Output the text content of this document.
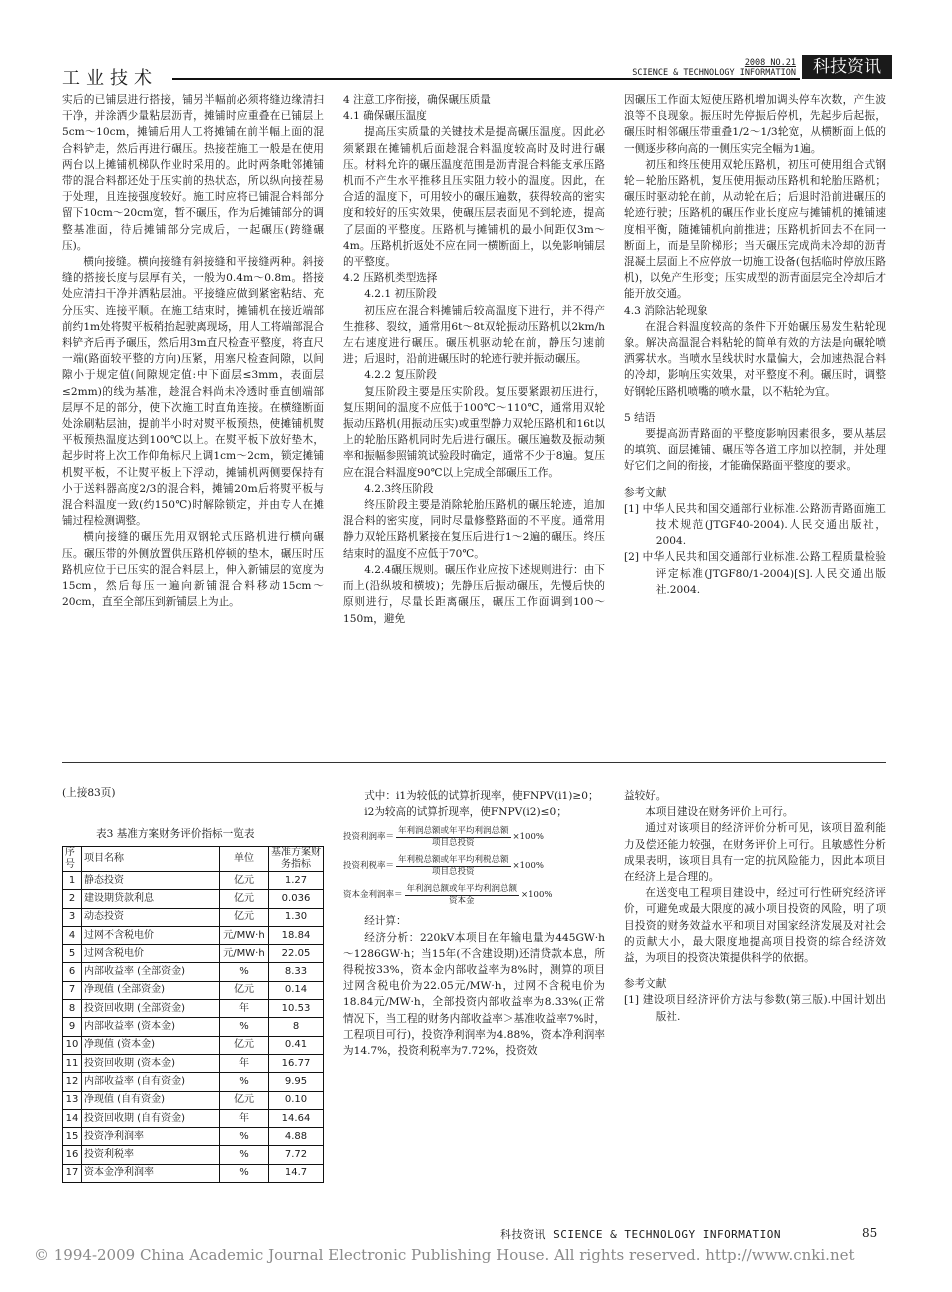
工业技术
2008 NO.21
SCIENCE & TECHNOLOGY INFORMATION	科技资讯

实后的已铺层进行搭接，铺另半幅前必须将缝边缘清扫干净，并涂洒少量粘层沥青，摊铺时应重叠在已铺层上5cm～10cm，摊铺后用人工将摊铺在前半幅上面的混合料铲走，然后再进行碾压。热接茬施工一般是在使用两台以上摊铺机梯队作业时采用的。此时两条毗邻摊铺带的混合料都还处于压实前的热状态，所以纵向接茬易于处理，且连接强度较好。施工时应将已铺混合料部分留下10cm～20cm宽，暂不碾压，作为后摊铺部分的调整基准面，待后摊铺部分完成后，一起碾压(跨缝碾压)。

横向接缝。横向接缝有斜接缝和平接缝两种。斜接缝的搭接长度与层厚有关，一般为0.4m～0.8m。搭接处应清扫干净并洒粘层油。平接缝应做到紧密粘结、充分压实、连接平顺。在施工结束时，摊铺机在接近端部前约1m处将熨平板稍抬起驶离现场，用人工将端部混合料铲齐后再予碾压，然后用3m直尺检查平整度，将直尺一端(路面较平整的方向)压紧，用塞尺检查间隙，以间隙小于规定值(间隙规定值:中下面层≤3mm，表面层≤2mm)的线为基准，趁混合料尚未冷透时垂直刨端部层厚不足的部分，使下次施工时直角连接。在横缝断面处涂刷粘层油，提前半小时对熨平板预热，使摊铺机熨平板预热温度达到100℃以上。在熨平板下放好垫木，起步时将上次工作仰角标尺上调1cm～2cm，锁定摊铺机熨平板，不让熨平板上下浮动，摊铺机两侧要保持有小于送料器高度2/3的混合料，摊铺20m后将熨平板与混合料温度一致(约150℃)时解除锁定，并由专人在摊铺过程检测调整。

横向接缝的碾压先用双钢轮式压路机进行横向碾压。碾压带的外侧放置供压路机停顿的垫木，碾压时压路机应位于已压实的混合料层上，伸入新铺层的宽度为15cm，然后每压一遍向新铺混合料移动15cm～20cm，直至全部压到新铺层上为止。

4 注意工序衔接，确保碾压质量

4.1 确保碾压温度

提高压实质量的关键技术是提高碾压温度。因此必须紧跟在摊铺机后面趁混合料温度较高时及时进行碾压。材料允许的碾压温度范围是沥青混合料能支承压路机而不产生水平推移且压实阻力较小的温度。因此，在合适的温度下，可用较小的碾压遍数，获得较高的密实度和较好的压实效果，使碾压层表面见不到轮迹，提高了层面的平整度。压路机与摊铺机的最小间距仅3m～4m。压路机折返处不应在同一横断面上，以免影响铺层的平整度。

4.2 压路机类型选择

4.2.1 初压阶段

初压应在混合料摊铺后较高温度下进行，并不得产生推移、裂纹，通常用6t～8t双轮振动压路机以2km/h左右速度进行碾压。碾压机驱动轮在前，静压匀速前进；后退时，沿前进碾压时的轮迹行驶并振动碾压。

4.2.2 复压阶段

复压阶段主要是压实阶段。复压要紧跟初压进行，复压期间的温度不应低于100℃～110℃，通常用双轮振动压路机(用振动压实)或重型静力双轮压路机和16t以上的轮胎压路机同时先后进行碾压。碾压遍数及振动频率和振幅参照铺筑试验段时确定，通常不少于8遍。复压应在混合料温度90℃以上完成全部碾压工作。

4.2.3终压阶段

终压阶段主要是消除轮胎压路机的碾压轮迹，追加混合料的密实度，同时尽量修整路面的不平度。通常用静力双轮压路机紧接在复压后进行1～2遍的碾压。终压结束时的温度不应低于70℃。

4.2.4碾压规则。碾压作业应按下述规则进行：由下而上(沿纵坡和横坡)；先静压后振动碾压，先慢后快的原则进行，尽量长距离碾压，碾压工作面调到100～150m，避免

因碾压工作面太短使压路机增加调头停车次数，产生波浪等不良现象。振压时先停振后停机，先起步后起振，碾压时相邻碾压带重叠1/2～1/3轮宽，从横断面上低的一侧逐步移向高的一侧压实完全幅为1遍。

初压和终压使用双轮压路机，初压可使用组合式钢轮－轮胎压路机，复压使用振动压路机和轮胎压路机；碾压时驱动轮在前，从动轮在后；后退时沿前进碾压的轮迹行驶；压路机的碾压作业长度应与摊铺机的摊铺速度相平衡，随摊铺机向前推进；压路机折回去不在同一断面上，而是呈阶梯形；当天碾压完成尚未冷却的沥青混凝土层面上不应停放一切施工设备(包括临时停放压路机)，以免产生形变；压实成型的沥青面层完全冷却后才能开放交通。

4.3 消除沾轮现象

在混合料温度较高的条件下开始碾压易发生粘轮现象。解决高温混合料粘轮的简单有效的方法是向碾轮喷洒雾状水。当喷水呈线状时水量偏大，会加速热混合料的冷却，影响压实效果，对平整度不利。碾压时，调整好钢轮压路机喷嘴的喷水量，以不粘轮为宜。

5 结语

要提高沥青路面的平整度影响因素很多，要从基层的填筑、面层摊铺、碾压等各道工序加以控制，并处理好它们之间的衔接，才能确保路面平整度的要求。

参考文献

[1] 中华人民共和国交通部行业标准.公路沥青路面施工技术规范(JTGF40-2004).人民交通出版社，2004.

[2] 中华人民共和国交通部行业标准.公路工程质量检验评定标准(JTGF80/1-2004)[S].人民交通出版社.2004.

(上接83页)
表3 基准方案财务评价指标一览表
序号	项目名称	单位	基准方案财务指标
1	静态投资	亿元	1.27
2	建设期贷款利息	亿元	0.036
3	动态投资	亿元	1.30
4	过网不含税电价	元/MW·h	18.84
5	过网含税电价	元/MW·h	22.05
6	内部收益率 (全部资金)	%	8.33
7	净现值 (全部资金)	亿元	0.14
8	投资回收期 (全部资金)	年	10.53
9	内部收益率 (资本金)	%	8
10	净现值 (资本金)	亿元	0.41
11	投资回收期 (资本金)	年	16.77
12	内部收益率 (自有资金)	%	9.95
13	净现值 (自有资金)	亿元	0.10
14	投资回收期 (自有资金)	年	14.64
15	投资净利润率	%	4.88
16	投资利税率	%	7.72
17	资本金净利润率	%	14.7

式中：i1为较低的试算折现率，使FNPV(i1)≥0；

i2为较高的试算折现率，使FNPV(i2)≤0；

投资利润率＝ $\frac{\text{年利润总额或年平均利润总额}}{\text{项目总投资}} \times 100\%$
投资利税率＝ $\frac{\text{年利税总额或年平均利税总额}}{\text{项目总投资}} \times 100\%$
资本金利润率＝ $\frac{\text{年利润总额或年平均利润总额}}{\text{资本金}} \times 100\%$

经计算：

经济分析：220kV本项目在年输电量为445GW·h ～1286GW·h；当15年(不含建设期)还清贷款本息，所得税按33%，资本金内部收益率为8%时，测算的项目过网含税电价为22.05元/MW·h，过网不含税电价为18.84元/MW·h，全部投资内部收益率为8.33%(正常情况下，当工程的财务内部收益率＞基准收益率7%时，工程项目可行)，投资净利润率为4.88%，资本净利润率为14.7%，投资利税率为7.72%，投资效

益较好。

本项目建设在财务评价上可行。

通过对该项目的经济评价分析可见，该项目盈利能力及偿还能力较强，在财务评价上可行。且敏感性分析成果表明，该项目具有一定的抗风险能力，因此本项目在经济上是合理的。

在送变电工程项目建设中，经过可行性研究经济评价，可避免或最大限度的减小项目投资的风险，明了项目投资的财务效益水平和项目对国家经济发展及对社会的贡献大小，最大限度地提高项目投资的综合经济效益，为项目的投资决策提供科学的依据。

参考文献

[1] 建设项目经济评价方法与参数(第三版).中国计划出版社.

科技资讯 SCIENCE & TECHNOLOGY INFORMATION	85
© 1994-2009 China Academic Journal Electronic Publishing House. All rights reserved. http://www.cnki.net
